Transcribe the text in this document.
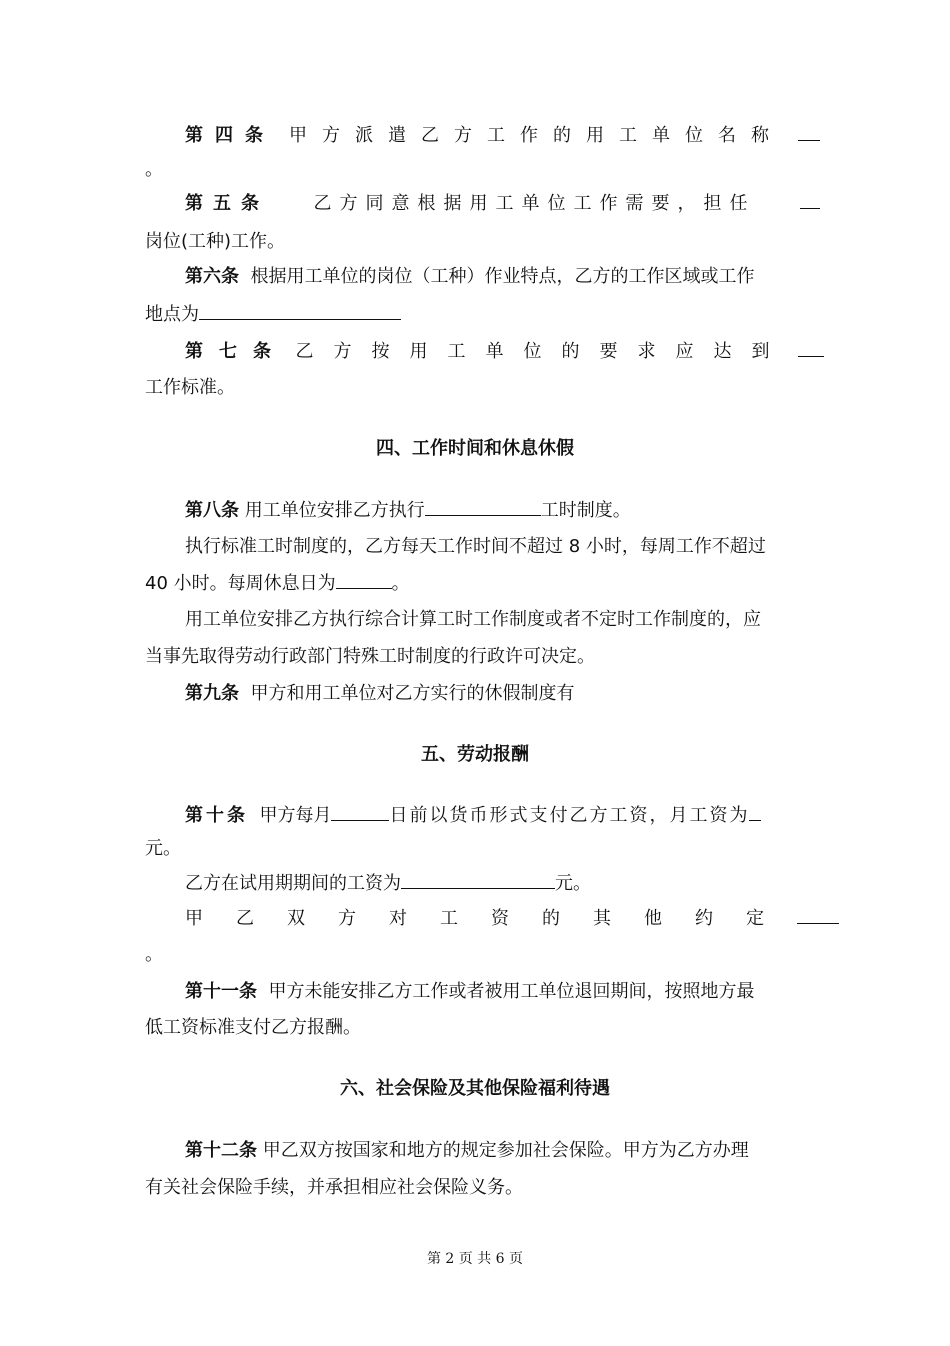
第四条 甲方派遣乙方工作的用工单位名称
。
第五条 乙方同意根据用工单位工作需要，担任
岗位(工种)工作。
第六条 根据用工单位的岗位（工种）作业特点，乙方的工作区域或工作
地点为
第七条 乙方按用工单位的要求应达到
工作标准。
四、工作时间和休息休假
第八条 用工单位安排乙方执行	工时制度。
执行标准工时制度的，乙方每天工作时间不超过 8 小时，每周工作不超过
40 小时。每周休息日为	。
用工单位安排乙方执行综合计算工时工作制度或者不定时工作制度的，应
当事先取得劳动行政部门特殊工时制度的行政许可决定。
第九条 甲方和用工单位对乙方实行的休假制度有
五、劳动报酬
第十条 甲方每月	日前以货币形式支付乙方工资，月工资为
元。
乙方在试用期期间的工资为	元。
甲乙双方对工资的其他约定
。
第十一条 甲方未能安排乙方工作或者被用工单位退回期间，按照地方最
低工资标准支付乙方报酬。
六、社会保险及其他保险福利待遇
第十二条 甲乙双方按国家和地方的规定参加社会保险。甲方为乙方办理
有关社会保险手续，并承担相应社会保险义务。
第 2 页 共 6 页
